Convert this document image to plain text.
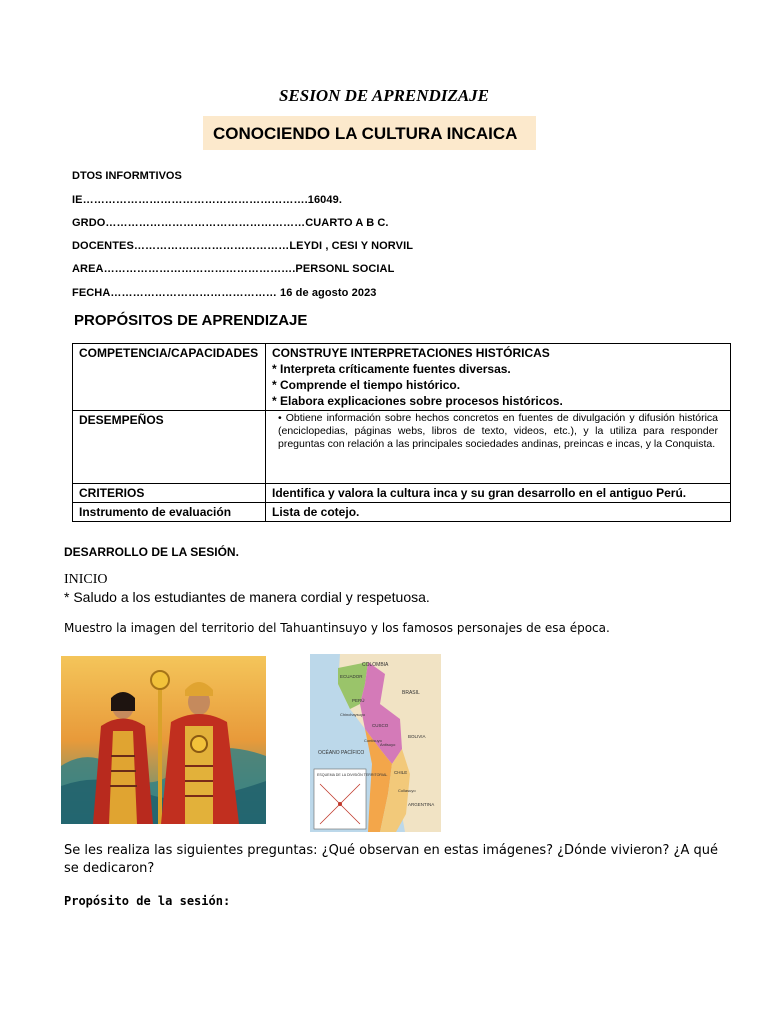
SESION DE APRENDIZAJE
CONOCIENDO LA CULTURA INCAICA
DTOS INFORMTIVOS
IE…………………………………………………….16049.
GRDO………………………………………………CUARTO A B C.
DOCENTES……………………………………LEYDI , CESI Y NORVIL
AREA…………………………………………….PERSONL SOCIAL
FECHA……………………………………… 16 de agosto 2023
PROPÓSITOS DE APRENDIZAJE
COMPETENCIA/CAPACIDADES	CONSTRUYE INTERPRETACIONES HISTÓRICAS
* Interpreta críticamente fuentes diversas.
* Comprende el tiempo histórico.
* Elabora explicaciones sobre procesos históricos.

DESEMPEÑOS	• Obtiene información sobre hechos concretos en fuentes de divulgación y difusión histórica (enciclopedias, páginas webs, libros de texto, videos, etc.), y la utiliza para responder preguntas con relación a las principales sociedades andinas, preincas e incas, y la Conquista.

CRITERIOS	Identifica y valora la cultura inca y su gran desarrollo en el antiguo Perú.
Instrumento de evaluación	Lista de cotejo.
DESARROLLO DE LA SESIÓN.
INICIO
* Saludo a los estudiantes de manera cordial y respetuosa.
Muestro la imagen del territorio del Tahuantinsuyo y los famosos personajes de esa época.
COLOMBIA
ECUADOR
BRASIL
PERÚ
CUSCO
BOLIVIA
CHILE
ARGENTINA
OCÉANO PACÍFICO
Chinchaysuyo
Antisuyo
Contisuyo
Collasuyo
ESQUEMA DE LA DIVISIÓN TERRITORIAL
Se les realiza las siguientes preguntas: ¿Qué observan en estas imágenes? ¿Dónde vivieron? ¿A qué se dedicaron?
Propósito de la sesión:
